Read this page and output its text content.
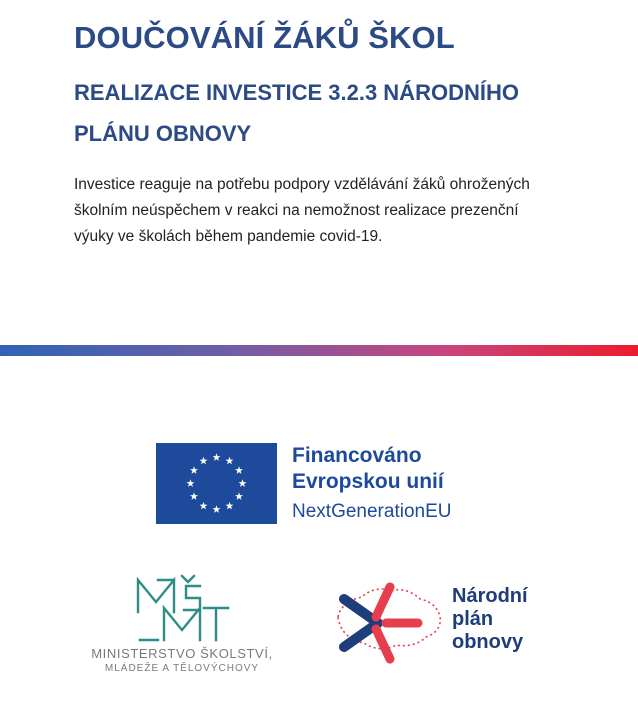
DOUČOVÁNÍ ŽÁKŮ ŠKOL
REALIZACE INVESTICE 3.2.3 NÁRODNÍHO
PLÁNU OBNOVY

Investice reaguje na potřebu podpory vzdělávání žáků ohrožených
školním neúspěchem v reakci na nemožnost realizace prezenční
výuky ve školách během pandemie covid-19.

Financováno
Evropskou unií
NextGenerationEU
MINISTERSTVO ŠKOLSTVÍ,
MLÁDEŽE A TĚLOVÝCHOVY
Národní
plán
obnovy
